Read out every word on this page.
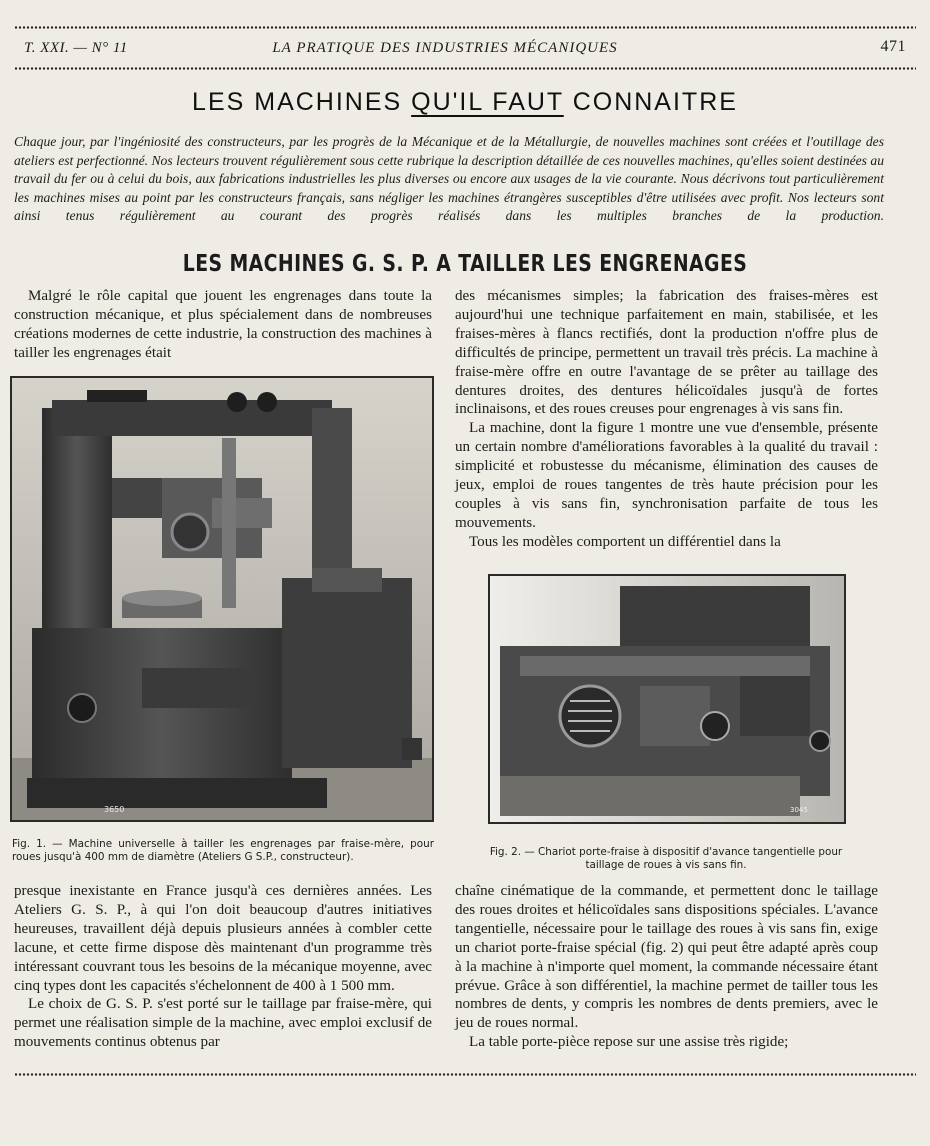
T. XXI. — N° 11	LA PRATIQUE DES INDUSTRIES MÉCANIQUES	471
LES MACHINES QU'IL FAUT CONNAITRE
Chaque jour, par l'ingéniosité des constructeurs, par les progrès de la Mécanique et de la Métallurgie, de nouvelles machines sont créées et l'outillage des ateliers est perfectionné. Nos lecteurs trouvent régulièrement sous cette rubrique la description détaillée de ces nouvelles machines, qu'elles soient destinées au travail du fer ou à celui du bois, aux fabrications industrielles les plus diverses ou encore aux usages de la vie courante. Nous décrivons tout particulièrement les machines mises au point par les constructeurs français, sans négliger les machines étrangères susceptibles d'être utilisées avec profit. Nos lecteurs sont ainsi tenus régulièrement au courant des progrès réalisés dans les multiples branches de la production.
LES MACHINES G. S. P. A TAILLER LES ENGRENAGES

Malgré le rôle capital que jouent les engrenages dans toute la construction mécanique, et plus spécialement dans de nombreuses créations modernes de cette industrie, la construction des machines à tailler les engrenages était

des mécanismes simples; la fabrication des fraises-mères est aujourd'hui une technique parfaitement en main, stabilisée, et les fraises-mères à flancs rectifiés, dont la production n'offre plus de difficultés de principe, permettent un travail très précis. La machine à fraise-mère offre en outre l'avantage de se prêter au taillage des dentures droites, des dentures hélicoïdales jusqu'à de fortes inclinaisons, et des roues creuses pour engrenages à vis sans fin.

La machine, dont la figure 1 montre une vue d'ensemble, présente un certain nombre d'améliorations favorables à la qualité du travail : simplicité et robustesse du mécanisme, élimination des causes de jeux, emploi de roues tangentes de très haute précision pour les couples à vis sans fin, synchronisation parfaite de tous les mouvements.

Tous les modèles comportent un différentiel dans la

3650
Fig. 1. — Machine universelle à tailler les engrenages par fraise-mère, pour roues jusqu'à 400 mm de diamètre (Ateliers G S.P., constructeur).
3045
Fig. 2. — Chariot porte-fraise à dispositif d'avance tangentielle pour taillage de roues à vis sans fin.

presque inexistante en France jusqu'à ces dernières années. Les Ateliers G. S. P., à qui l'on doit beaucoup d'autres initiatives heureuses, travaillent déjà depuis plusieurs années à combler cette lacune, et cette firme dispose dès maintenant d'un programme très intéressant couvrant tous les besoins de la mécanique moyenne, avec cinq types dont les capacités s'échelonnent de 400 à 1 500 mm.

Le choix de G. S. P. s'est porté sur le taillage par fraise-mère, qui permet une réalisation simple de la machine, avec emploi exclusif de mouvements continus obtenus par

chaîne cinématique de la commande, et permettent donc le taillage des roues droites et hélicoïdales sans dispositions spéciales. L'avance tangentielle, nécessaire pour le taillage des roues à vis sans fin, exige un chariot porte-fraise spécial (fig. 2) qui peut être adapté après coup à la machine à n'importe quel moment, la commande nécessaire étant prévue. Grâce à son différentiel, la machine permet de tailler tous les nombres de dents, y compris les nombres de dents premiers, avec le jeu de roues normal.

La table porte-pièce repose sur une assise très rigide;
